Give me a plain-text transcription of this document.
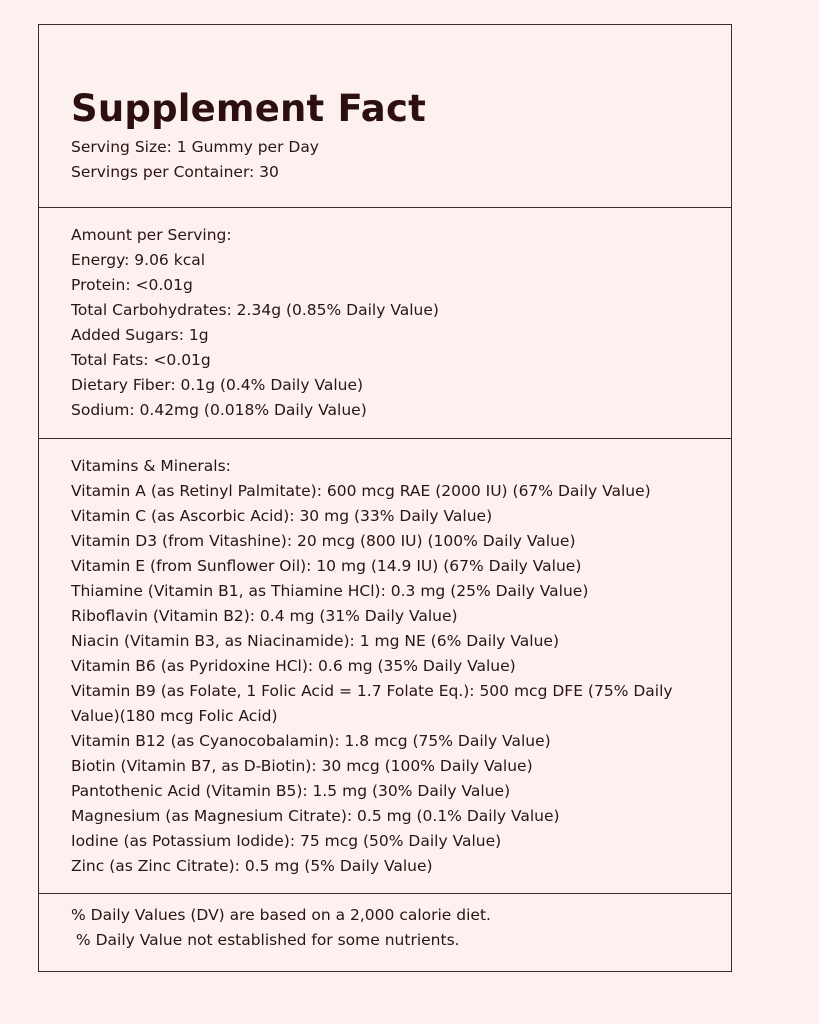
Supplement Fact
Serving Size: 1 Gummy per Day
Servings per Container: 30
Amount per Serving:
Energy: 9.06 kcal
Protein: <0.01g
Total Carbohydrates: 2.34g (0.85% Daily Value)
Added Sugars: 1g
Total Fats: <0.01g
Dietary Fiber: 0.1g (0.4% Daily Value)
Sodium: 0.42mg (0.018% Daily Value)
Vitamins & Minerals:
Vitamin A (as Retinyl Palmitate): 600 mcg RAE (2000 IU) (67% Daily Value)
Vitamin C (as Ascorbic Acid): 30 mg (33% Daily Value)
Vitamin D3 (from Vitashine): 20 mcg (800 IU) (100% Daily Value)
Vitamin E (from Sunflower Oil): 10 mg (14.9 IU) (67% Daily Value)
Thiamine (Vitamin B1, as Thiamine HCl): 0.3 mg (25% Daily Value)
Riboflavin (Vitamin B2): 0.4 mg (31% Daily Value)
Niacin (Vitamin B3, as Niacinamide): 1 mg NE (6% Daily Value)
Vitamin B6 (as Pyridoxine HCl): 0.6 mg (35% Daily Value)
Vitamin B9 (as Folate, 1 Folic Acid = 1.7 Folate Eq.): 500 mcg DFE (75% Daily Value)(180 mcg Folic Acid)
Vitamin B12 (as Cyanocobalamin): 1.8 mcg (75% Daily Value)
Biotin (Vitamin B7, as D-Biotin): 30 mcg (100% Daily Value)
Pantothenic Acid (Vitamin B5): 1.5 mg (30% Daily Value)
Magnesium (as Magnesium Citrate): 0.5 mg (0.1% Daily Value)
Iodine (as Potassium Iodide): 75 mcg (50% Daily Value)
Zinc (as Zinc Citrate): 0.5 mg (5% Daily Value)
% Daily Values (DV) are based on a 2,000 calorie diet.
% Daily Value not established for some nutrients.
